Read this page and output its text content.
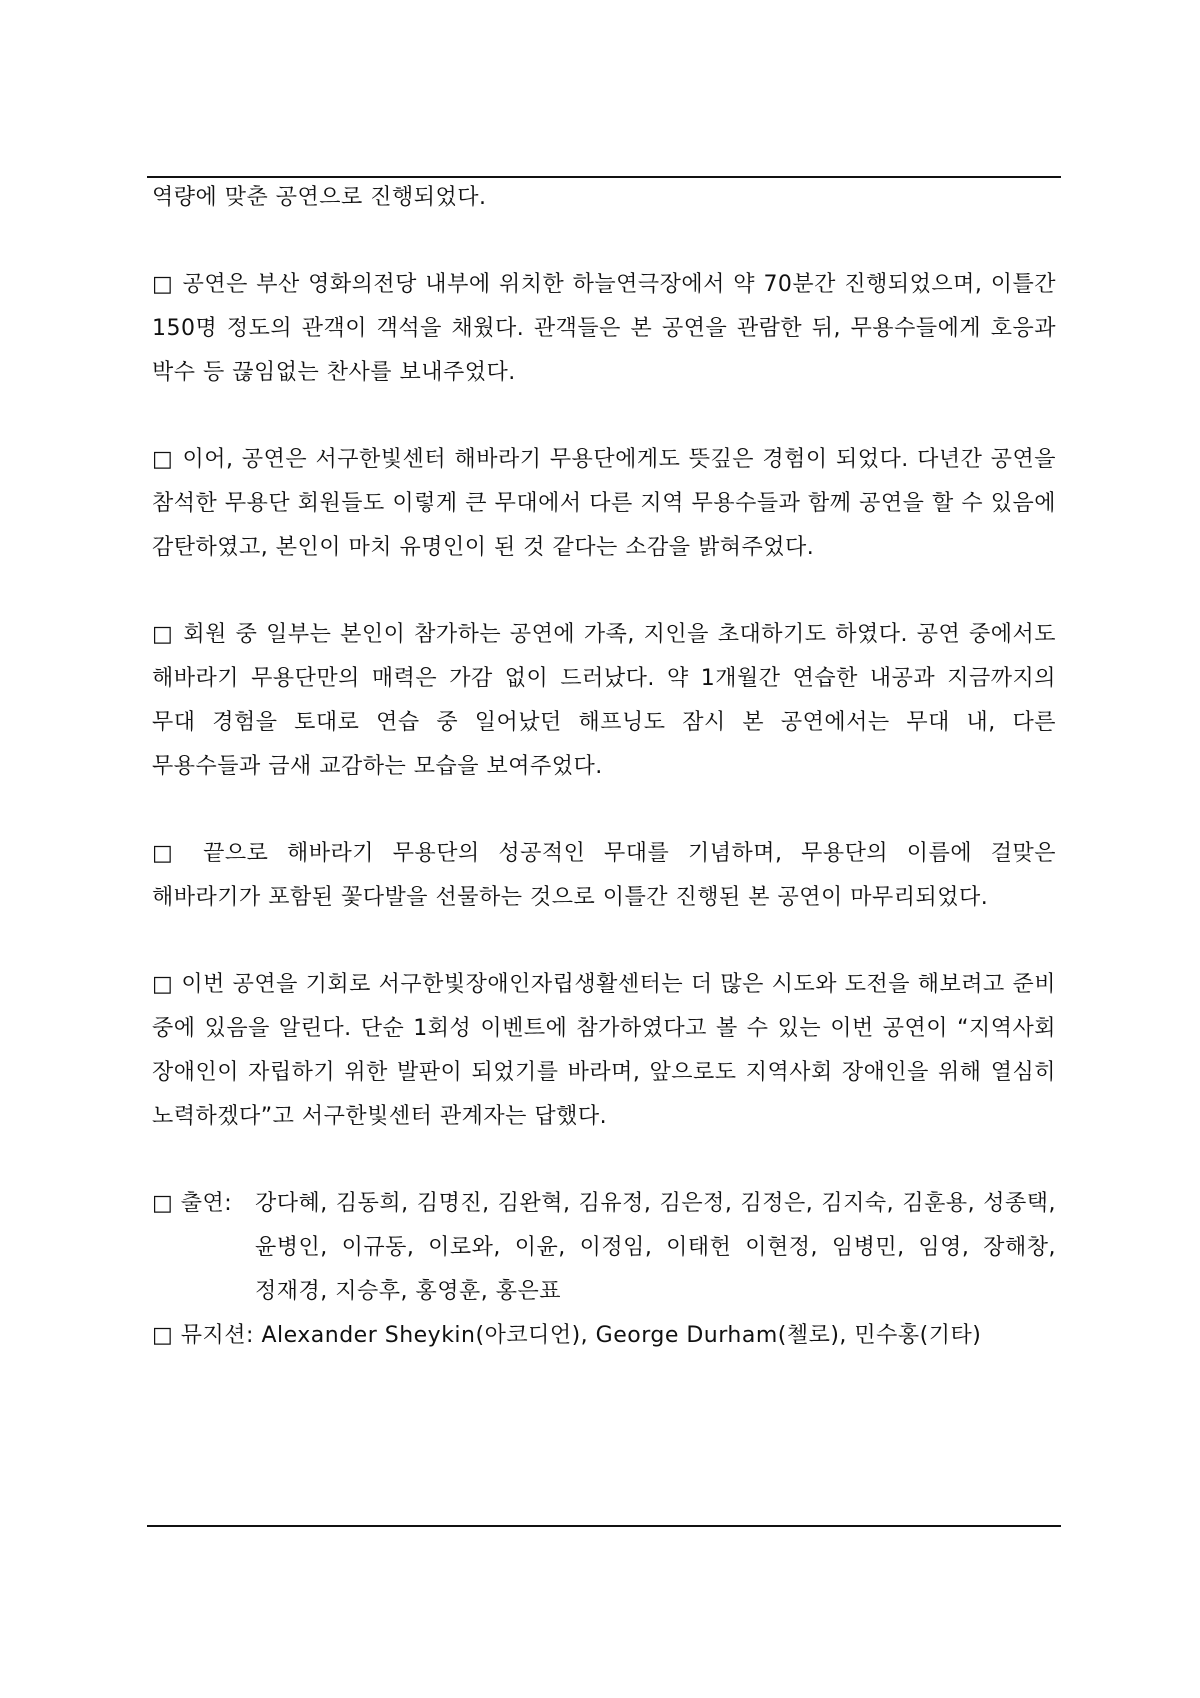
역량에 맞춘 공연으로 진행되었다.

□ 공연은 부산 영화의전당 내부에 위치한 하늘연극장에서 약 70분간 진행되었으며, 이틀간 150명 정도의 관객이 객석을 채웠다. 관객들은 본 공연을 관람한 뒤, 무용수들에게 호응과 박수 등 끊임없는 찬사를 보내주었다.

□ 이어, 공연은 서구한빛센터 해바라기 무용단에게도 뜻깊은 경험이 되었다. 다년간 공연을 참석한 무용단 회원들도 이렇게 큰 무대에서 다른 지역 무용수들과 함께 공연을 할 수 있음에 감탄하였고, 본인이 마치 유명인이 된 것 같다는 소감을 밝혀주었다.

□ 회원 중 일부는 본인이 참가하는 공연에 가족, 지인을 초대하기도 하였다. 공연 중에서도 해바라기 무용단만의 매력은 가감 없이 드러났다. 약 1개월간 연습한 내공과 지금까지의 무대 경험을 토대로 연습 중 일어났던 해프닝도 잠시 본 공연에서는 무대 내, 다른 무용수들과 금새 교감하는 모습을 보여주었다.

□ 끝으로 해바라기 무용단의 성공적인 무대를 기념하며, 무용단의 이름에 걸맞은 해바라기가 포함된 꽃다발을 선물하는 것으로 이틀간 진행된 본 공연이 마무리되었다.

□ 이번 공연을 기회로 서구한빛장애인자립생활센터는 더 많은 시도와 도전을 해보려고 준비 중에 있음을 알린다. 단순 1회성 이벤트에 참가하였다고 볼 수 있는 이번 공연이 “지역사회 장애인이 자립하기 위한 발판이 되었기를 바라며, 앞으로도 지역사회 장애인을 위해 열심히 노력하겠다”고 서구한빛센터 관계자는 답했다.

□ 출연:	강다혜, 김동희, 김명진, 김완혁, 김유정, 김은정, 김정은, 김지숙, 김훈용, 성종택, 윤병인, 이규동, 이로와, 이윤, 이정임, 이태헌 이현정, 임병민, 임영, 장해창, 정재경, 지승후, 홍영훈, 홍은표
□ 뮤지션: Alexander Sheykin(아코디언), George Durham(첼로), 민수홍(기타)
